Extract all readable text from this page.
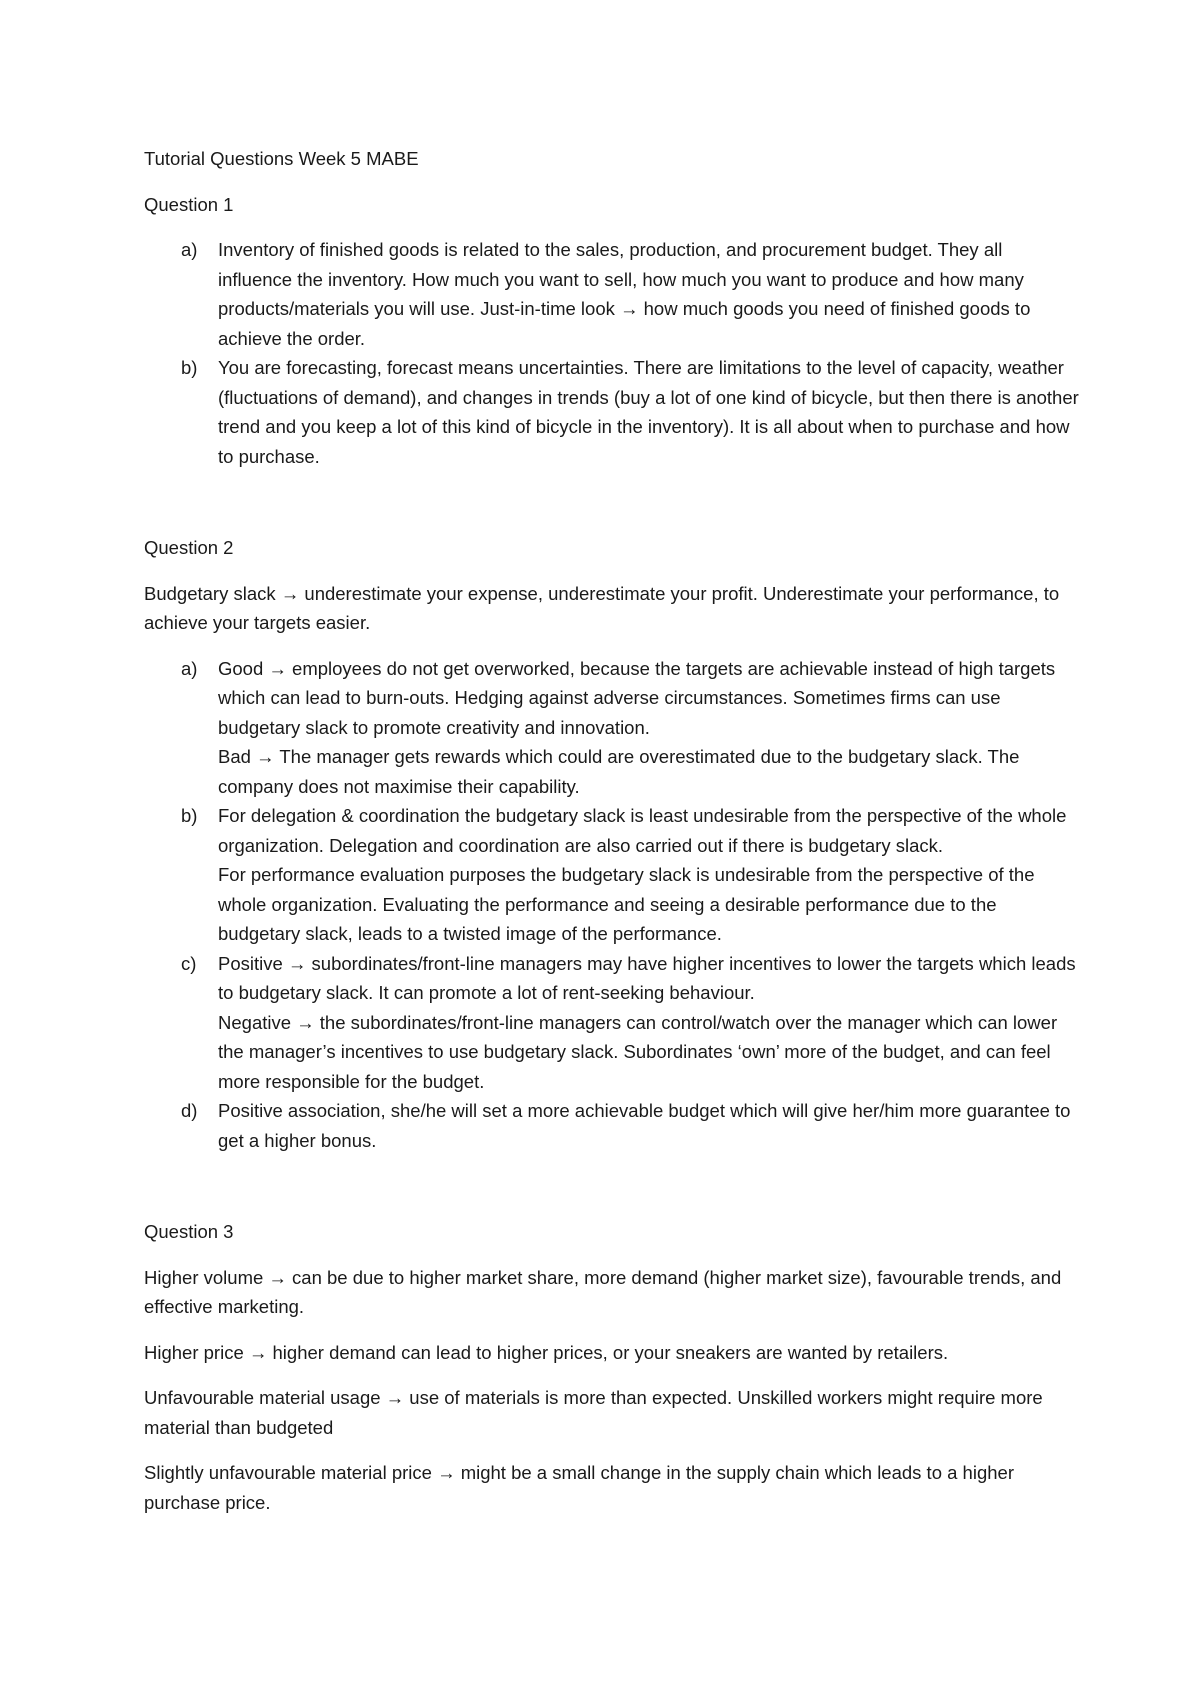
Tutorial Questions Week 5 MABE

Question 1

a) Inventory of finished goods is related to the sales, production, and procurement budget. They all influence the inventory. How much you want to sell, how much you want to produce and how many products/materials you will use. Just-in-time look → how much goods you need of finished goods to achieve the order.
b) You are forecasting, forecast means uncertainties. There are limitations to the level of capacity, weather (fluctuations of demand), and changes in trends (buy a lot of one kind of bicycle, but then there is another trend and you keep a lot of this kind of bicycle in the inventory). It is all about when to purchase and how to purchase.

Question 2

Budgetary slack → underestimate your expense, underestimate your profit. Underestimate your performance, to achieve your targets easier.

a) Good → employees do not get overworked, because the targets are achievable instead of high targets which can lead to burn-outs. Hedging against adverse circumstances. Sometimes firms can use budgetary slack to promote creativity and innovation.
Bad → The manager gets rewards which could are overestimated due to the budgetary slack. The company does not maximise their capability.
b) For delegation & coordination the budgetary slack is least undesirable from the perspective of the whole organization. Delegation and coordination are also carried out if there is budgetary slack.
For performance evaluation purposes the budgetary slack is undesirable from the perspective of the whole organization. Evaluating the performance and seeing a desirable performance due to the budgetary slack, leads to a twisted image of the performance.
c) Positive → subordinates/front-line managers may have higher incentives to lower the targets which leads to budgetary slack. It can promote a lot of rent-seeking behaviour.
Negative → the subordinates/front-line managers can control/watch over the manager which can lower the manager’s incentives to use budgetary slack. Subordinates ‘own’ more of the budget, and can feel more responsible for the budget.
d) Positive association, she/he will set a more achievable budget which will give her/him more guarantee to get a higher bonus.

Question 3

Higher volume → can be due to higher market share, more demand (higher market size), favourable trends, and effective marketing.

Higher price → higher demand can lead to higher prices, or your sneakers are wanted by retailers.

Unfavourable material usage → use of materials is more than expected. Unskilled workers might require more material than budgeted

Slightly unfavourable material price → might be a small change in the supply chain which leads to a higher purchase price.
